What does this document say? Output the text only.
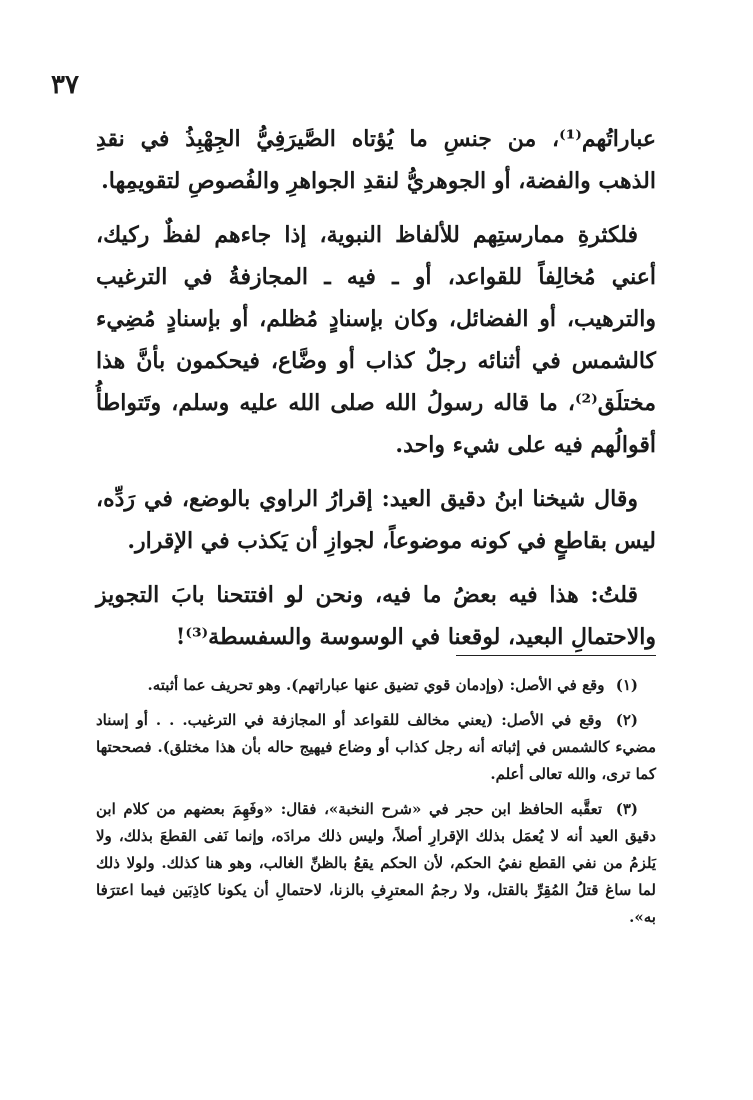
٣٧

عباراتُهم⁽¹⁾، من جنسِ ما يُؤتاه الصَّيرَفِيُّ الجِهْبِذُ في نقدِ الذهب والفضة، أو الجوهريُّ لنقدِ الجواهرِ والفُصوصِ لتقويمِها.

فلكثرةِ ممارستِهم للألفاظ النبوية، إذا جاءهم لفظٌ ركيك، أعني مُخالِفاً للقواعد، أو ـ فيه ـ المجازفةُ في الترغيب والترهيب، أو الفضائل، وكان بإسنادٍ مُظلم، أو بإسنادٍ مُضِيء كالشمس في أثنائه رجلٌ كذاب أو وضَّاع، فيحكمون بأنَّ هذا مختلَق⁽²⁾، ما قاله رسولُ الله صلى الله عليه وسلم، وتَتواطأُ أقوالُهم فيه على شيء واحد.

وقال شيخنا ابنُ دقيق العيد: إقرارُ الراوي بالوضع، في رَدِّه، ليس بقاطعٍ في كونه موضوعاً، لجوازِ أن يَكذب في الإقرار.

قلتُ: هذا فيه بعضُ ما فيه، ونحن لو افتتحنا بابَ التجويز والاحتمالِ البعيد، لوقعنا في الوسوسة والسفسطة⁽³⁾!

(١) وقع في الأصل: (وإدمان قوي تضيق عنها عباراتهم). وهو تحريف عما أثبته.

(٢) وقع في الأصل: (يعني مخالف للقواعد أو المجازفة في الترغيب. . . أو إسناد مضيء كالشمس في إثباته أنه رجل كذاب أو وضاع فيهيج حاله بأن هذا مختلق). فصححتها كما ترى، والله تعالى أعلم.

(٣) تعقَّبه الحافظ ابن حجر في «شرح النخبة»، فقال: «وفَهِمَ بعضهم من كلام ابن دقيق العيد أنه لا يُعمَل بذلك الإقرارِ أصلاً، وليس ذلك مرادَه، وإنما نَفى القطعَ بذلك، ولا يَلزمُ من نفي القطع نفيُ الحكم، لأن الحكم يقعُ بالظنِّ الغالب، وهو هنا كذلك. ولولا ذلك لما ساغ قتلُ المُقِرِّ بالقتل، ولا رجمُ المعترِفِ بالزنا، لاحتمالِ أن يكونا كاذِبَين فيما اعترَفا به».
